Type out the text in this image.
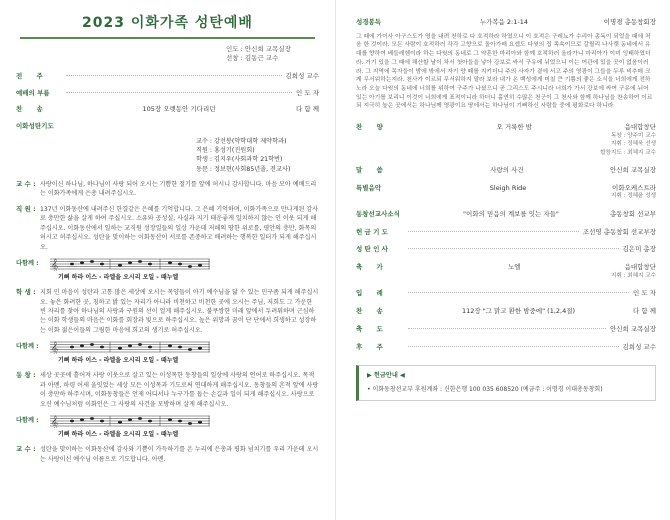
2023 이화가족 성탄예배
인도 : 안신희 교목실장
선창 : 김동근 교수
전 주	김희성 교수
예배의 부름	인 도 자
찬 송	105장 오랫동안 기다리던	다 함 께
이화성탄기도
교수 : 강선봉(약학대학 제약학과)
직원 : 홍성기(진원회)
학생 : 김지우(사회과학 21학번)
동문 : 정보현(사회85년졸, 전교사)
교 수 : 사랑이신 하나님, 하나님이 사랑 되어 오시는 기쁨한 절기를 앞에 허시니 감사합니다. 마음 모아 예배드리는 이화가족에게 은총 내려주십시오.
직 원 : 137년 이화동산에 내려주신 한결같은 은혜를 기억합니다. 그 은혜 기억하며, 이화가족으로 만나게된 감사로 충만한 삶을 살게 하여 주십시오. 소유와 공성실, 사실과 지기 태운좋게 일치하지 않는 인 이웃 되게 해주십시오. 이화동산에서 일하는 교직원 성장일들의 일상 가운데 저해의 땅한 위로를, 평안의 충만, 화목의 허시고 허주십시오. 성탄을 맞이하는 이화동산이 서로를 존중하고 배려하는 행복한 일터가 되게 해주십시오.
다함께 :	𝄞
기뻐 하라 이스 - 라엘을 오시리 오일 - 때누엘
학 생 : 지회 민 마음이 성탄과 고통 많은 세상에 오시는 목양들이 아기 예수님을 닮 수 있는 민구좀 되게 해주십시오. 놓은 화려한 곳, 칭하고 밝 있는 자리가 아니라 비천하고 비천한 곳에 오시는 주님, 저희도 그 가운한 빈 자리를 찾아 하나님의 사랑과 구원의 선이 얼게 해주십시오. 불쿠쌍한 미래 앞에서 두려워하며 근심하는 이화 학생들의 마음은 이화를 회장과 빛으로 하주십시오. 높은 위망과 꿈이 단 단에서 희생하고 성장하는 이화 젊은이들의 그림한 마음에 희고의 생기로 허주십시오.
다함께 :	𝄞
기뻐 하라 이스 - 라엘을 오시리 오일 - 때누엘
동 창 : 세상 곳곳에 흩어져 사랑 이웃으로 살고 있는 이성목한 동창들의 일상에 사랑의 언어로 하주십시오. 목적과 아멘, 하령 어새 울잇었는 세상 모든 이성목과 기도로써 연대하게 해주십시오. 동창들의 흔적 앞에 사랑이 충만하 하주시며, 이화동창들은 언제 어디서나 누구가를 돕는 손길과 일이 되게 해주십시오. 사랑으로 오신 예수님처럼 이화인은 그 사랑의 사건을 모방하며 살게 해주십시오.
다함께 :	𝄞
기뻐 하라 이스 - 라엘을 오시리 오일 - 때누엘
교 수 : 성탄을 맞이하는 이화동산에 감사와 기쁨이 가득하기를 온 누리에 은총과 평화 넘치기를 우리 가운데 오시는 사랑이신 예수님 이름으로 기도합니다. 아멘.
성경봉독	누가복음 2:1-14	이명경 총동창회장
그 때에 가이사 아구스도가 영을 내려 천하로 다 호적하라 하였으니 이 호적은 구레뇨가 수리아 총독이 되었을 때에 처음 한 것이라. 모든 사람이 호적하러 각각 고향으로 돌아가매 요셉도 다윗의 집 족속이므로 갈릴리 나사렛 동네에서 유대를 향하여 베들레헴이라 하는 다윗의 동네로 그 약혼한 마리아와 함께 호적하러 올라가니 마리아가 이미 잉태하였더라. 거기 있을 그 때에 해산할 날이 차서 첫아들을 낳아 강보로 싸서 구유에 뉘었으니 이는 여관에 있을 곳이 없음이러라. 그 지역에 목자들이 밤에 밖에서 자기 양 떼를 지키더니 주의 사자가 곁에 서고 주의 영광이 그들을 두루 비추매 크게 무서워하는지라. 천사가 이르되 무서워하지 말라 보라 내가 온 백성에게 미칠 큰 기쁨의 좋은 소식을 너희에게 전하노라 오늘 다윗의 동네에 너희를 위하여 구주가 나셨으니 곧 그리스도 주시니라 너희가 가서 강보에 싸여 구유에 뉘어 있는 아기를 보리니 이것이 너희에게 표적이니라 하더니 홀연히 수많은 천군이 그 천사와 함께 하나님을 찬송하여 이르되 지극히 높은 곳에서는 하나님께 영광이요 땅에서는 하나님이 기뻐하신 사람들 중에 평화로다 하니라
찬 양	오 거룩한 밤	음대합창단
독창 : 양주미 교수
지휘 : 정혜욱 선생
합창지도 : 최혜지 교수
말 씀	사랑의 사건	안신희 교목실장
특별음악	Sleigh Ride	이화오케스트라
지휘 : 정혜윤 성생
동창선교사소식	"이화의 믿음의 계보를 잇는 자들"	총동창회 선교부
헌 금 기 도	조선영 총동창회 선교부장
성 탄 인 사	김은미 총장
축 가	노엘	음대합창단
지휘 : 최혜지 교수
입 례	인 도 자
찬 송	112장 "그 맑고 환한 밤중에" (1,2,4절)	다 함 께
축 도	안신희 교목실장
후 주	김희성 교수
▶ 헌금안내 ◀
• 이화동창선교부 후원계좌 : 신한은행 100 035 608520 (예금주 : 이명경 이대총동창회)
